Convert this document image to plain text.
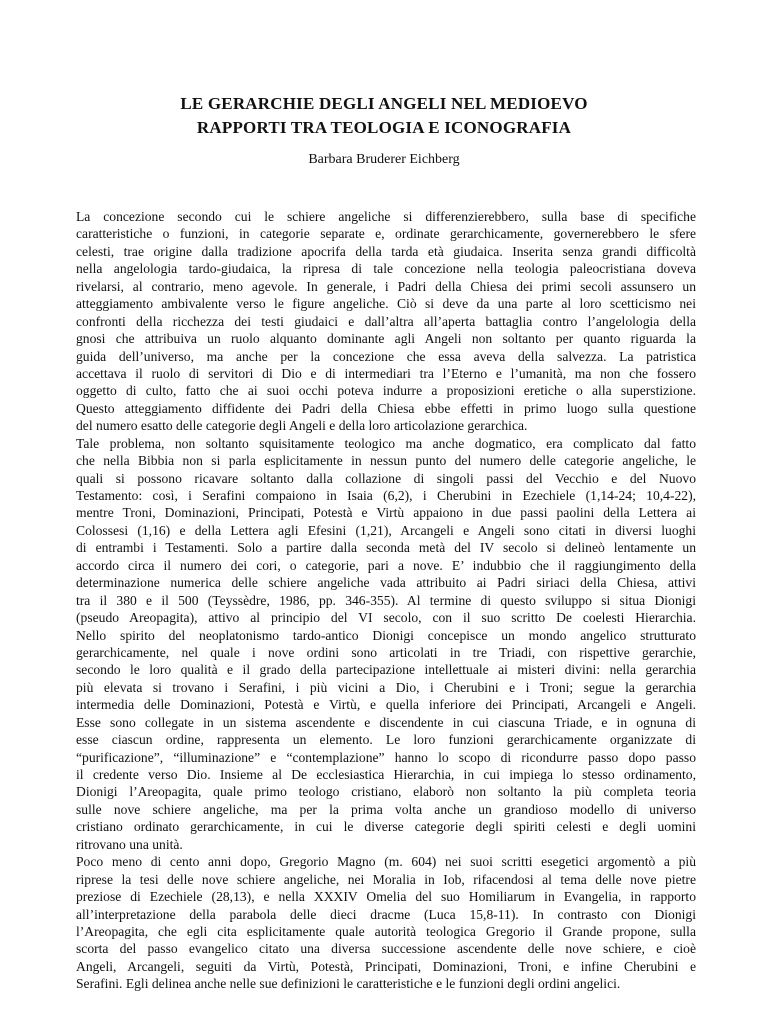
LE GERARCHIE DEGLI ANGELI NEL MEDIOEVO
RAPPORTI TRA TEOLOGIA E ICONOGRAFIA
Barbara Bruderer Eichberg
La concezione secondo cui le schiere angeliche si differenzierebbero, sulla base di specifiche
caratteristiche o funzioni, in categorie separate e, ordinate gerarchicamente, governerebbero le sfere
celesti, trae origine dalla tradizione apocrifa della tarda età giudaica. Inserita senza grandi difficoltà
nella angelologia tardo-giudaica, la ripresa di tale concezione nella teologia paleocristiana doveva
rivelarsi, al contrario, meno agevole. In generale, i Padri della Chiesa dei primi secoli assunsero un
atteggiamento ambivalente verso le figure angeliche. Ciò si deve da una parte al loro scetticismo nei
confronti della ricchezza dei testi giudaici e dall’altra all’aperta battaglia contro l’angelologia della
gnosi che attribuiva un ruolo alquanto dominante agli Angeli non soltanto per quanto riguarda la
guida dell’universo, ma anche per la concezione che essa aveva della salvezza. La patristica
accettava il ruolo di servitori di Dio e di intermediari tra l’Eterno e l’umanità, ma non che fossero
oggetto di culto, fatto che ai suoi occhi poteva indurre a proposizioni eretiche o alla superstizione.
Questo atteggiamento diffidente dei Padri della Chiesa ebbe effetti in primo luogo sulla questione
del numero esatto delle categorie degli Angeli e della loro articolazione gerarchica.
Tale problema, non soltanto squisitamente teologico ma anche dogmatico, era complicato dal fatto
che nella Bibbia non si parla esplicitamente in nessun punto del numero delle categorie angeliche, le
quali si possono ricavare soltanto dalla collazione di singoli passi del Vecchio e del Nuovo
Testamento: così, i Serafini compaiono in Isaia (6,2), i Cherubini in Ezechiele (1,14-24; 10,4-22),
mentre Troni, Dominazioni, Principati, Potestà e Virtù appaiono in due passi paolini della Lettera ai
Colossesi (1,16) e della Lettera agli Efesini (1,21), Arcangeli e Angeli sono citati in diversi luoghi
di entrambi i Testamenti. Solo a partire dalla seconda metà del IV secolo si delineò lentamente un
accordo circa il numero dei cori, o categorie, pari a nove. E’ indubbio che il raggiungimento della
determinazione numerica delle schiere angeliche vada attribuito ai Padri siriaci della Chiesa, attivi
tra il 380 e il 500 (Teyssèdre, 1986, pp. 346-355). Al termine di questo sviluppo si situa Dionigi
(pseudo Areopagita), attivo al principio del VI secolo, con il suo scritto De coelesti Hierarchia.
Nello spirito del neoplatonismo tardo-antico Dionigi concepisce un mondo angelico strutturato
gerarchicamente, nel quale i nove ordini sono articolati in tre Triadi, con rispettive gerarchie,
secondo le loro qualità e il grado della partecipazione intellettuale ai misteri divini: nella gerarchia
più elevata si trovano i Serafini, i più vicini a Dio, i Cherubini e i Troni; segue la gerarchia
intermedia delle Dominazioni, Potestà e Virtù, e quella inferiore dei Principati, Arcangeli e Angeli.
Esse sono collegate in un sistema ascendente e discendente in cui ciascuna Triade, e in ognuna di
esse ciascun ordine, rappresenta un elemento. Le loro funzioni gerarchicamente organizzate di
“purificazione”, “illuminazione” e “contemplazione” hanno lo scopo di ricondurre passo dopo passo
il credente verso Dio. Insieme al De ecclesiastica Hierarchia, in cui impiega lo stesso ordinamento,
Dionigi l’Areopagita, quale primo teologo cristiano, elaborò non soltanto la più completa teoria
sulle nove schiere angeliche, ma per la prima volta anche un grandioso modello di universo
cristiano ordinato gerarchicamente, in cui le diverse categorie degli spiriti celesti e degli uomini
ritrovano una unità.
Poco meno di cento anni dopo, Gregorio Magno (m. 604) nei suoi scritti esegetici argomentò a più
riprese la tesi delle nove schiere angeliche, nei Moralia in Iob, rifacendosi al tema delle nove pietre
preziose di Ezechiele (28,13), e nella XXXIV Omelia del suo Homiliarum in Evangelia, in rapporto
all’interpretazione della parabola delle dieci dracme (Luca 15,8-11). In contrasto con Dionigi
l’Areopagita, che egli cita esplicitamente quale autorità teologica Gregorio il Grande propone, sulla
scorta del passo evangelico citato una diversa successione ascendente delle nove schiere, e cioè
Angeli, Arcangeli, seguiti da Virtù, Potestà, Principati, Dominazioni, Troni, e infine Cherubini e
Serafini. Egli delinea anche nelle sue definizioni le caratteristiche e le funzioni degli ordini angelici.
